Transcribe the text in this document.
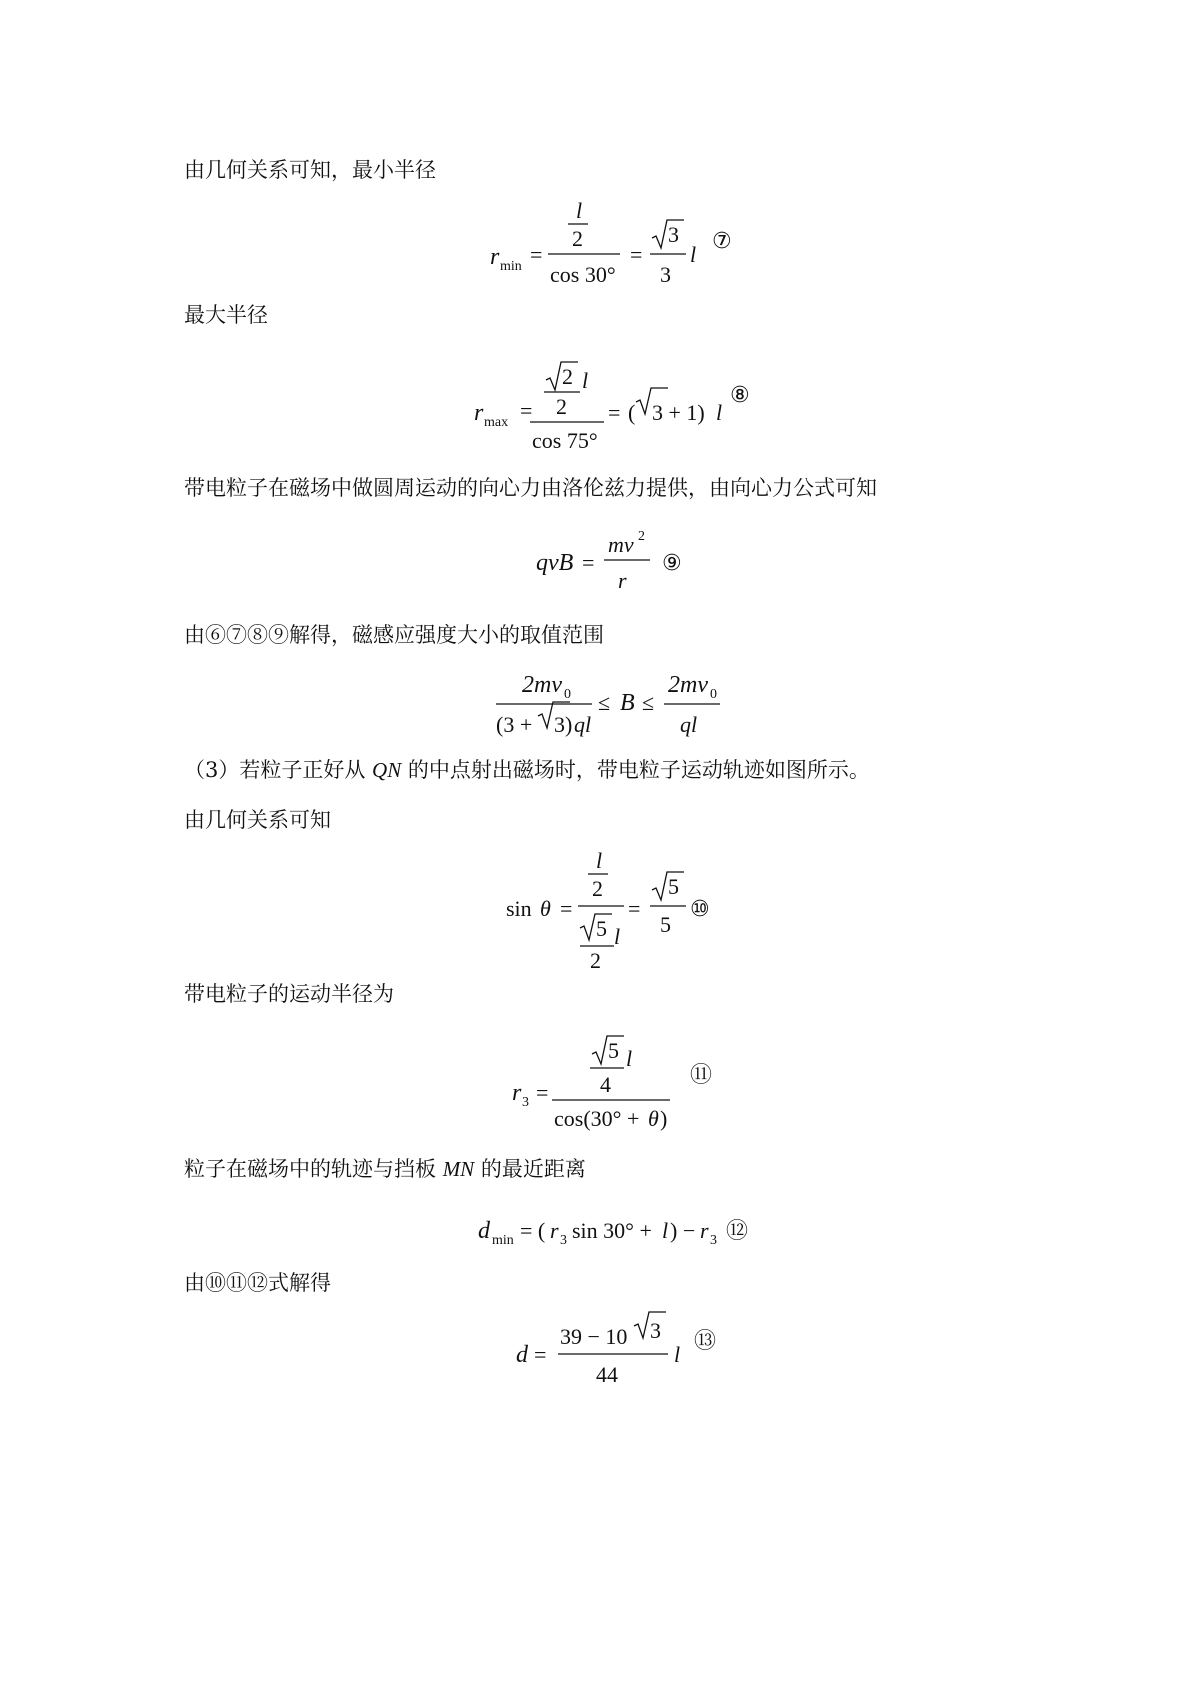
由几何关系可知，最小半径
r min =
l
2
cos 30°
=
3
3
l
⑦
最大半径
r max =
2 l
2
cos 75°
= ( 3 + 1) l
⑧
带电粒子在磁场中做圆周运动的向心力由洛伦兹力提供，由向心力公式可知
qvB =
mv 2
r
⑨
由⑥⑦⑧⑨解得，磁感应强度大小的取值范围
2mv 0
(3 + 3) ql
≤ B ≤
2mv 0
ql
（3）若粒子正好从 QN 的中点射出磁场时，带电粒子运动轨迹如图所示。
由几何关系可知
sin θ =
l
2
5 l
2
=
5
5
⑩
带电粒子的运动半径为
r 3 =
5 l
4
cos(30° + θ )
⑪
粒子在磁场中的轨迹与挡板 MN 的最近距离
d min = ( r 3 sin 30° + l ) − r 3 ⑫
由⑩⑪⑫式解得
d =
39 − 10 3
44
l
⑬
